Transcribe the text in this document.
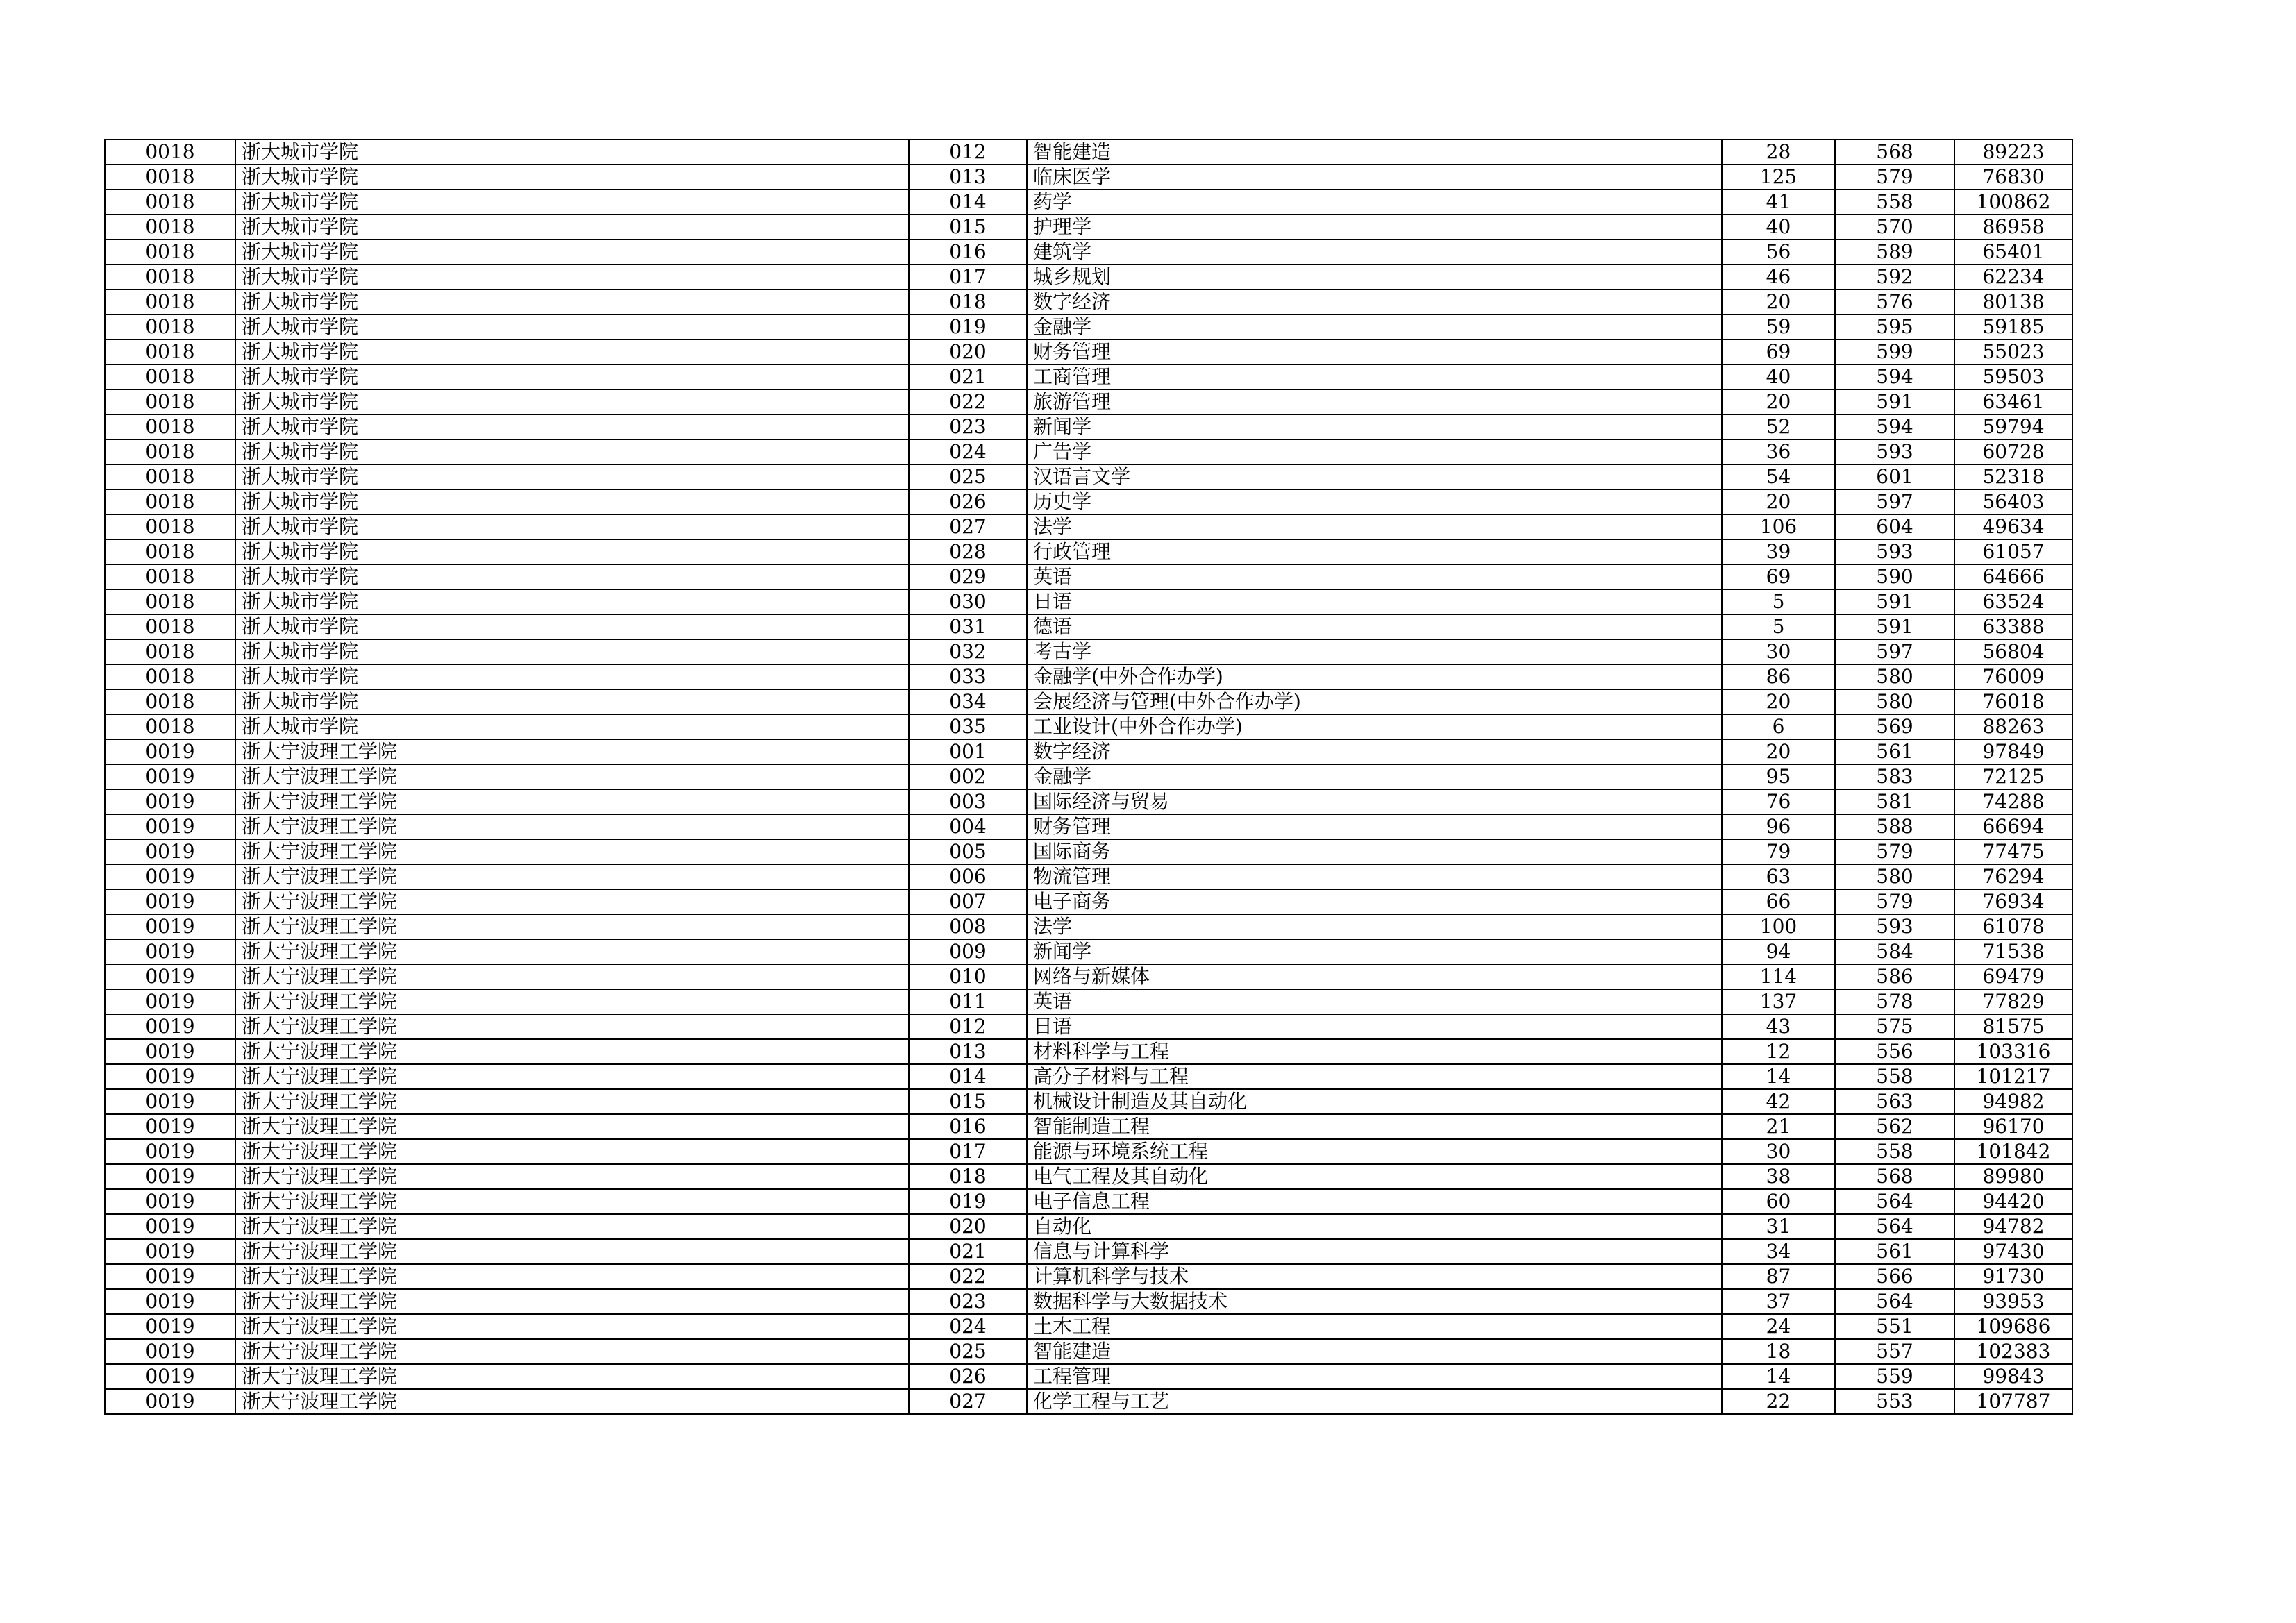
0018	浙大城市学院	012	智能建造	28	568	89223
0018	浙大城市学院	013	临床医学	125	579	76830
0018	浙大城市学院	014	药学	41	558	100862
0018	浙大城市学院	015	护理学	40	570	86958
0018	浙大城市学院	016	建筑学	56	589	65401
0018	浙大城市学院	017	城乡规划	46	592	62234
0018	浙大城市学院	018	数字经济	20	576	80138
0018	浙大城市学院	019	金融学	59	595	59185
0018	浙大城市学院	020	财务管理	69	599	55023
0018	浙大城市学院	021	工商管理	40	594	59503
0018	浙大城市学院	022	旅游管理	20	591	63461
0018	浙大城市学院	023	新闻学	52	594	59794
0018	浙大城市学院	024	广告学	36	593	60728
0018	浙大城市学院	025	汉语言文学	54	601	52318
0018	浙大城市学院	026	历史学	20	597	56403
0018	浙大城市学院	027	法学	106	604	49634
0018	浙大城市学院	028	行政管理	39	593	61057
0018	浙大城市学院	029	英语	69	590	64666
0018	浙大城市学院	030	日语	5	591	63524
0018	浙大城市学院	031	德语	5	591	63388
0018	浙大城市学院	032	考古学	30	597	56804
0018	浙大城市学院	033	金融学(中外合作办学)	86	580	76009
0018	浙大城市学院	034	会展经济与管理(中外合作办学)	20	580	76018
0018	浙大城市学院	035	工业设计(中外合作办学)	6	569	88263
0019	浙大宁波理工学院	001	数字经济	20	561	97849
0019	浙大宁波理工学院	002	金融学	95	583	72125
0019	浙大宁波理工学院	003	国际经济与贸易	76	581	74288
0019	浙大宁波理工学院	004	财务管理	96	588	66694
0019	浙大宁波理工学院	005	国际商务	79	579	77475
0019	浙大宁波理工学院	006	物流管理	63	580	76294
0019	浙大宁波理工学院	007	电子商务	66	579	76934
0019	浙大宁波理工学院	008	法学	100	593	61078
0019	浙大宁波理工学院	009	新闻学	94	584	71538
0019	浙大宁波理工学院	010	网络与新媒体	114	586	69479
0019	浙大宁波理工学院	011	英语	137	578	77829
0019	浙大宁波理工学院	012	日语	43	575	81575
0019	浙大宁波理工学院	013	材料科学与工程	12	556	103316
0019	浙大宁波理工学院	014	高分子材料与工程	14	558	101217
0019	浙大宁波理工学院	015	机械设计制造及其自动化	42	563	94982
0019	浙大宁波理工学院	016	智能制造工程	21	562	96170
0019	浙大宁波理工学院	017	能源与环境系统工程	30	558	101842
0019	浙大宁波理工学院	018	电气工程及其自动化	38	568	89980
0019	浙大宁波理工学院	019	电子信息工程	60	564	94420
0019	浙大宁波理工学院	020	自动化	31	564	94782
0019	浙大宁波理工学院	021	信息与计算科学	34	561	97430
0019	浙大宁波理工学院	022	计算机科学与技术	87	566	91730
0019	浙大宁波理工学院	023	数据科学与大数据技术	37	564	93953
0019	浙大宁波理工学院	024	土木工程	24	551	109686
0019	浙大宁波理工学院	025	智能建造	18	557	102383
0019	浙大宁波理工学院	026	工程管理	14	559	99843
0019	浙大宁波理工学院	027	化学工程与工艺	22	553	107787
